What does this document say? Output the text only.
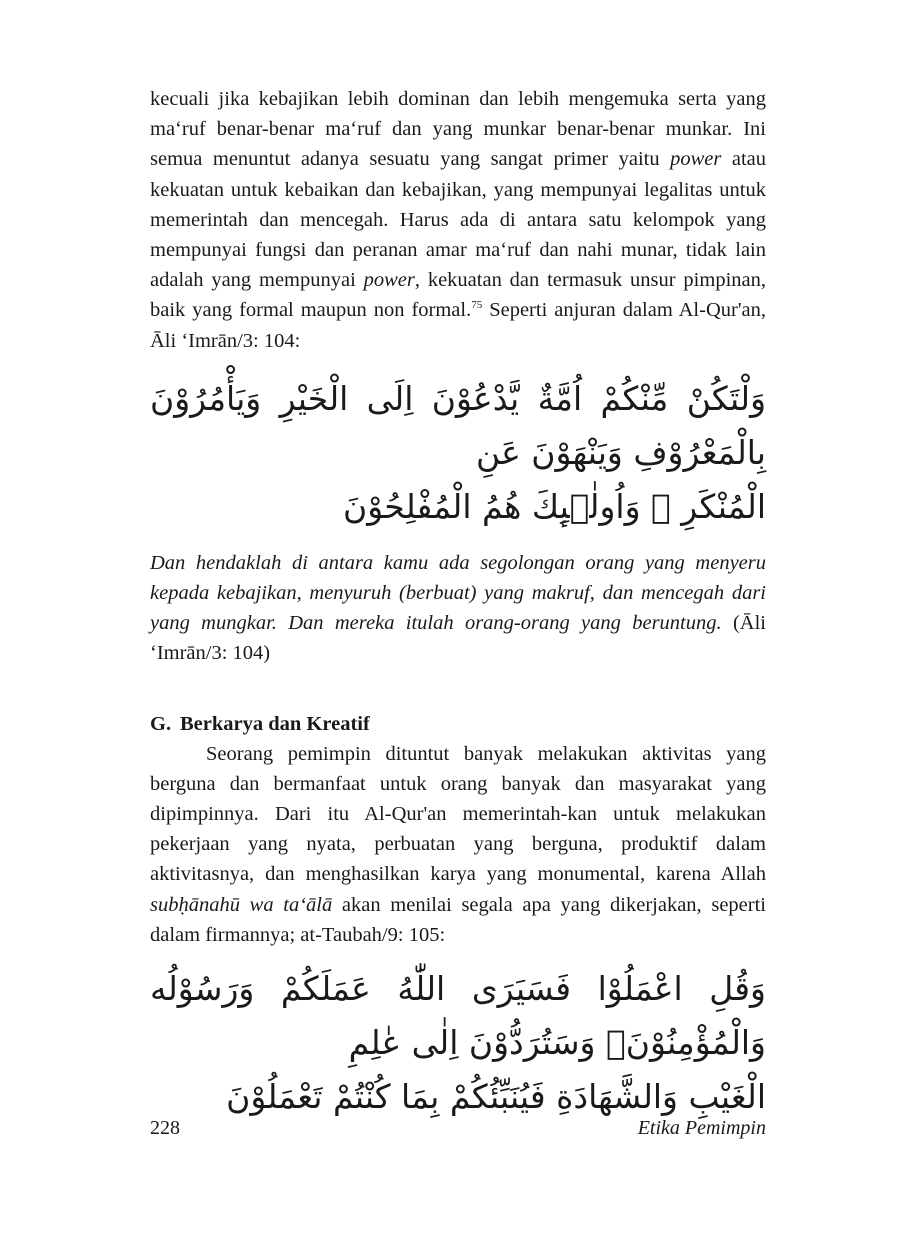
kecuali jika kebajikan lebih dominan dan lebih mengemuka serta yang ma‘ruf benar-benar ma‘ruf dan yang munkar benar-benar munkar. Ini semua menuntut adanya sesuatu yang sangat primer yaitu power atau kekuatan untuk kebaikan dan kebajikan, yang mempunyai legalitas untuk memerintah dan mencegah. Harus ada di antara satu kelompok yang mempunyai fungsi dan peranan amar ma‘ruf dan nahi munar, tidak lain adalah yang mempunyai power, kekuatan dan termasuk unsur pimpinan, baik yang formal maupun non formal.$^{75}$ Seperti anjuran dalam Al-Qur'an, Āli ‘Imrān/3: 104:

وَلْتَكُنْ مِّنْكُمْ اُمَّةٌ يَّدْعُوْنَ اِلَى الْخَيْرِ وَيَأْمُرُوْنَ بِالْمَعْرُوْفِ وَيَنْهَوْنَ عَنِ
الْمُنْكَرِ ۗ وَاُولٰۤىِٕكَ هُمُ الْمُفْلِحُوْنَ

Dan hendaklah di antara kamu ada segolongan orang yang menyeru kepada kebajikan, menyuruh (berbuat) yang makruf, dan mencegah dari yang mungkar. Dan mereka itulah orang-orang yang beruntung. (Āli ‘Imrān/3: 104)

G. Berkarya dan Kreatif

Seorang pemimpin dituntut banyak melakukan aktivitas yang berguna dan bermanfaat untuk orang banyak dan masyarakat yang dipimpinnya. Dari itu Al-Qur'an memerintah-kan untuk melakukan pekerjaan yang nyata, perbuatan yang berguna, produktif dalam aktivitasnya, dan menghasilkan karya yang monumental, karena Allah subḥānahū wa ta‘ālā akan menilai segala apa yang dikerjakan, seperti dalam firmannya; at-Taubah/9: 105:

وَقُلِ اعْمَلُوْا فَسَيَرَى اللّٰهُ عَمَلَكُمْ وَرَسُوْلُه وَالْمُؤْمِنُوْنَۗ وَسَتُرَدُّوْنَ اِلٰى عٰلِمِ
الْغَيْبِ وَالشَّهَادَةِ فَيُنَبِّئُكُمْ بِمَا كُنْتُمْ تَعْمَلُوْنَ
228	Etika Pemimpin
